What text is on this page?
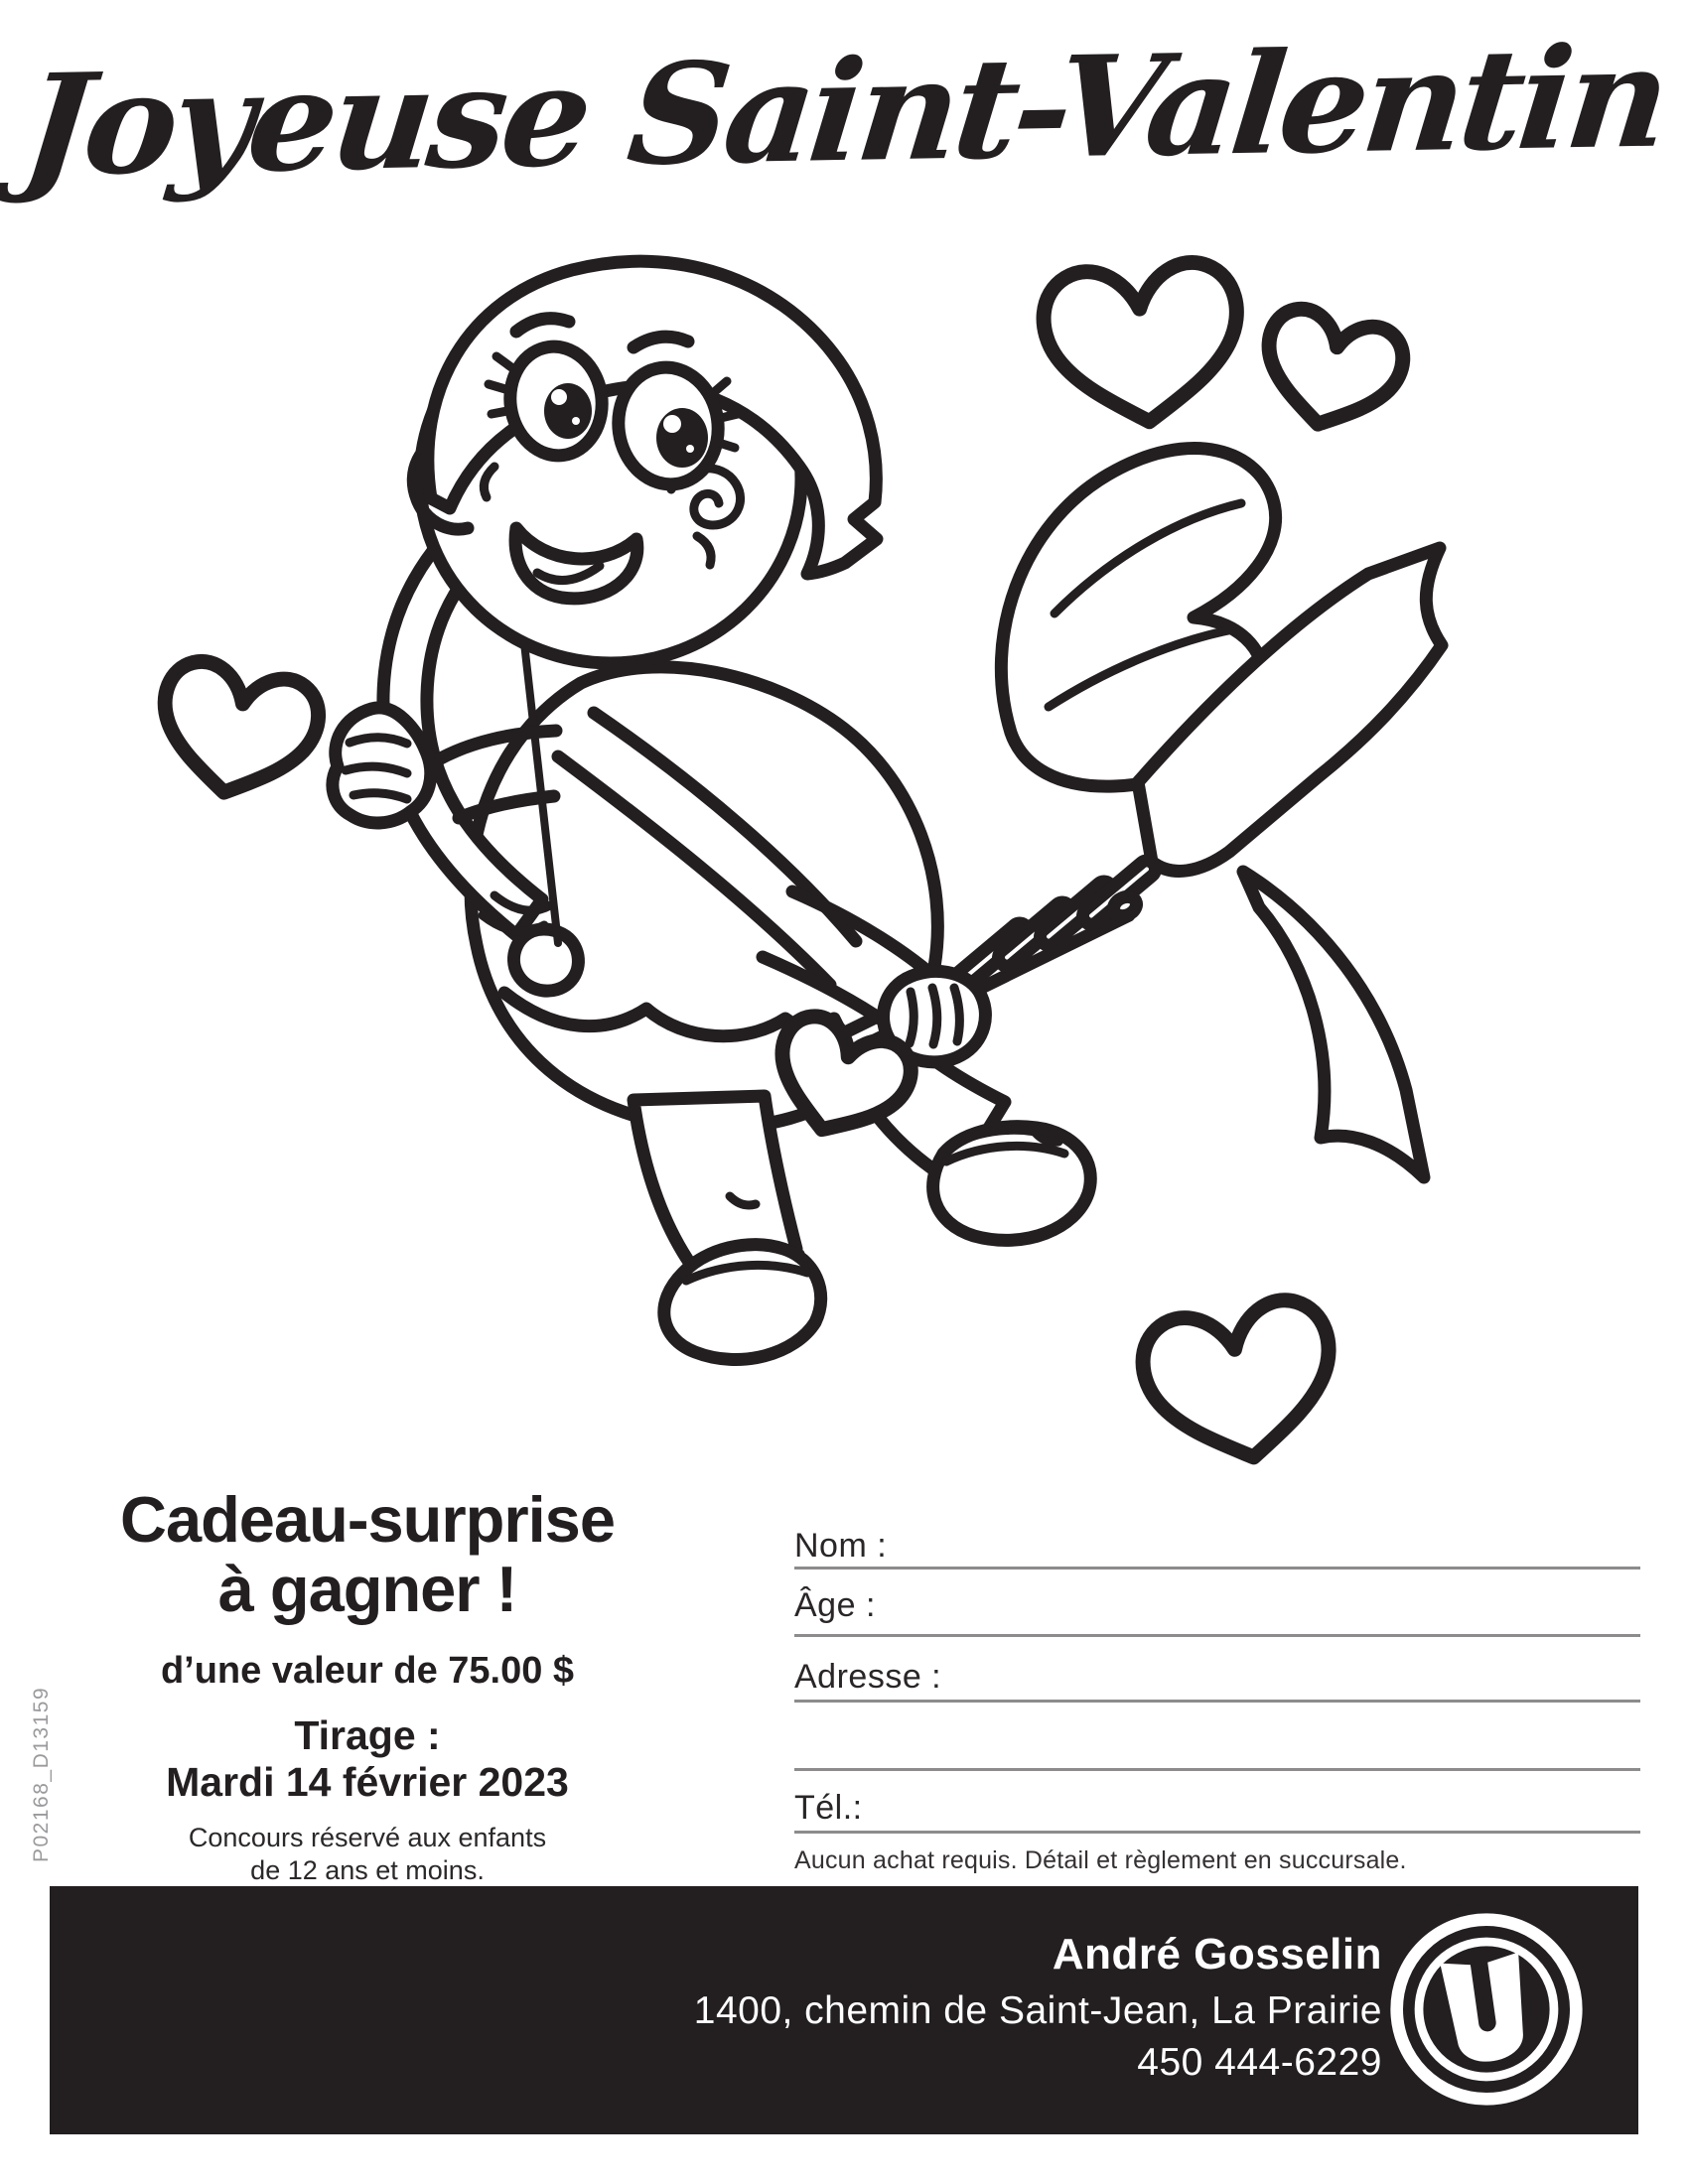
Joyeuse Saint-Valentin
Cadeau-surprise
à gagner !
d’une valeur de 75.00 $
Tirage :
Mardi 14 février 2023
Concours réservé aux enfants
de 12 ans et moins.
Nom :
Âge :
Adresse :
Tél.:
Aucun achat requis. Détail et règlement en succursale.
P02168_D13159
André Gosselin
1400, chemin de Saint-Jean, La Prairie
450 444-6229
